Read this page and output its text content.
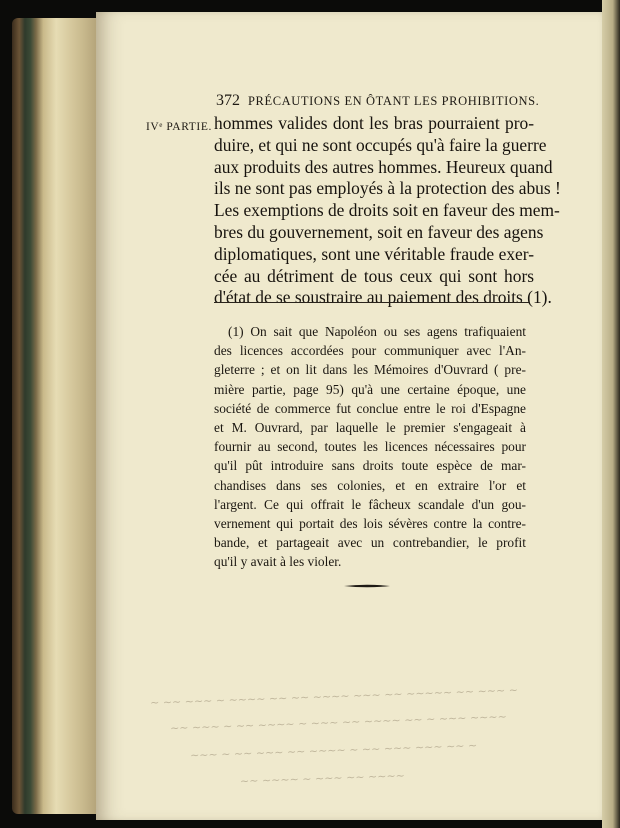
~ ~~ ~~~ ~ ~~~~ ~~ ~~ ~~~~ ~~~ ~~ ~~~~~ ~~ ~~~ ~
~~ ~~~ ~ ~~ ~~~~ ~ ~~~ ~~ ~~~~ ~~ ~ ~~~ ~~~~
~~~ ~ ~~ ~~~ ~~ ~~~~ ~ ~~ ~~~ ~~~ ~~ ~
~~ ~~~~ ~ ~~~ ~~ ~~~~
372 PRÉCAUTIONS EN ÔTANT LES PROHIBITIONS.
IVᵉ PARTIE. hommes valides dont les bras pourraient pro-
duire, et qui ne sont occupés qu'à faire la guerre
aux produits des autres hommes. Heureux quand
ils ne sont pas employés à la protection des abus !
Les exemptions de droits soit en faveur des mem-
bres du gouvernement, soit en faveur des agens
diplomatiques, sont une véritable fraude exer-
cée au détriment de tous ceux qui sont hors
d'état de se soustraire au paiement des droits (1).
(1) On sait que Napoléon ou ses agens trafiquaient
des licences accordées pour communiquer avec l'An-
gleterre ; et on lit dans les Mémoires d'Ouvrard ( pre-
mière partie, page 95) qu'à une certaine époque, une
société de commerce fut conclue entre le roi d'Espagne
et M. Ouvrard, par laquelle le premier s'engageait à
fournir au second, toutes les licences nécessaires pour
qu'il pût introduire sans droits toute espèce de mar-
chandises dans ses colonies, et en extraire l'or et
l'argent. Ce qui offrait le fâcheux scandale d'un gou-
vernement qui portait des lois sévères contre la contre-
bande, et partageait avec un contrebandier, le profit
qu'il y avait à les violer.
